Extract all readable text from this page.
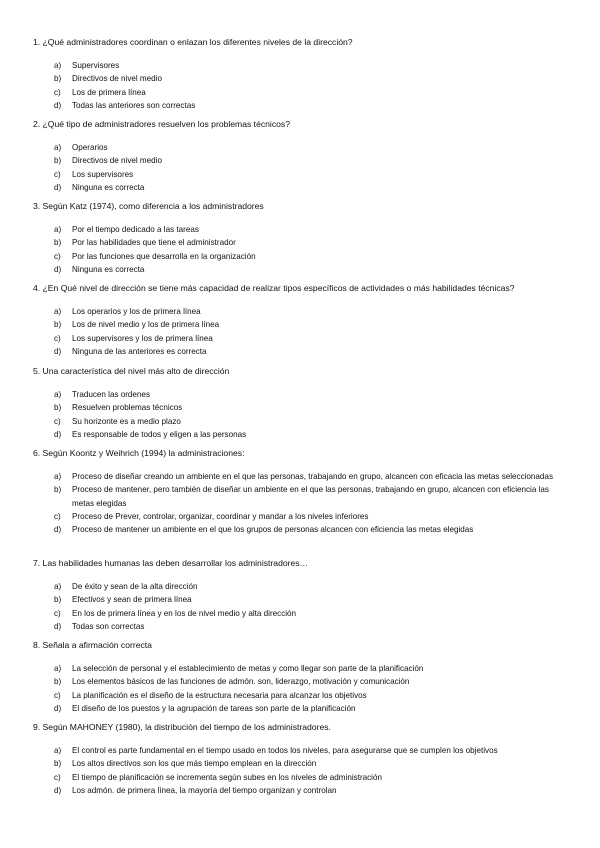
1. ¿Qué administradores coordinan o enlazan los diferentes niveles de la dirección?

a) Supervisores
b) Directivos de nivel medio
c) Los de primera línea
d) Todas las anteriores son correctas

2. ¿Qué tipo de administradores resuelven los problemas técnicos?

a) Operarios
b) Directivos de nivel medio
c) Los supervisores
d) Ninguna es correcta

3. Según Katz (1974), como diferencia a los administradores

a) Por el tiempo dedicado a las tareas
b) Por las habilidades que tiene el administrador
c) Por las funciones que desarrolla en la organización
d) Ninguna es correcta

4. ¿En Qué nivel de dirección se tiene más capacidad de realizar tipos específicos de actividades o más habilidades técnicas?

a) Los operarios y los de primera línea
b) Los de nivel medio y los de primera línea
c) Los supervisores y los de primera línea
d) Ninguna de las anteriores es correcta

5. Una característica del nivel más alto de dirección

a) Traducen las ordenes
b) Resuelven problemas técnicos
c) Su horizonte es a medio plazo
d) Es responsable de todos y eligen a las personas

6. Según Koontz y Weihrich (1994) la administraciones:

a) Proceso de diseñar creando un ambiente en el que las personas, trabajando en grupo, alcancen con eficacia las metas seleccionadas
b) Proceso de mantener, pero también de diseñar un ambiente en el que las personas, trabajando en grupo, alcancen con eficiencia las metas elegidas
c) Proceso de Prever, controlar, organizar, coordinar y mandar a los niveles inferiores
d) Proceso de mantener un ambiente en el que los grupos de personas alcancen con eficiencia las metas elegidas

7. Las habilidades humanas las deben desarrollar los administradores…

a) De éxito y sean de la alta dirección
b) Efectivos y sean de primera línea
c) En los de primera línea y en los de nivel medio y alta dirección
d) Todas son correctas

8. Señala a afirmación correcta

a) La selección de personal y el establecimiento de metas y como llegar son parte de la planificación
b) Los elementos básicos de las funciones de admón. son, liderazgo, motivación y comunicación
c) La planificación es el diseño de la estructura necesaria para alcanzar los objetivos
d) El diseño de los puestos y la agrupación de tareas son parte de la planificación

9. Según MAHONEY (1980), la distribución del tiempo de los administradores.

a) El control es parte fundamental en el tiempo usado en todos los niveles, para asegurarse que se cumplen los objetivos
b) Los altos directivos son los que más tiempo emplean en la dirección
c) El tiempo de planificación se incrementa según subes en los niveles de administración
d) Los admón. de primera línea, la mayoría del tiempo organizan y controlan
